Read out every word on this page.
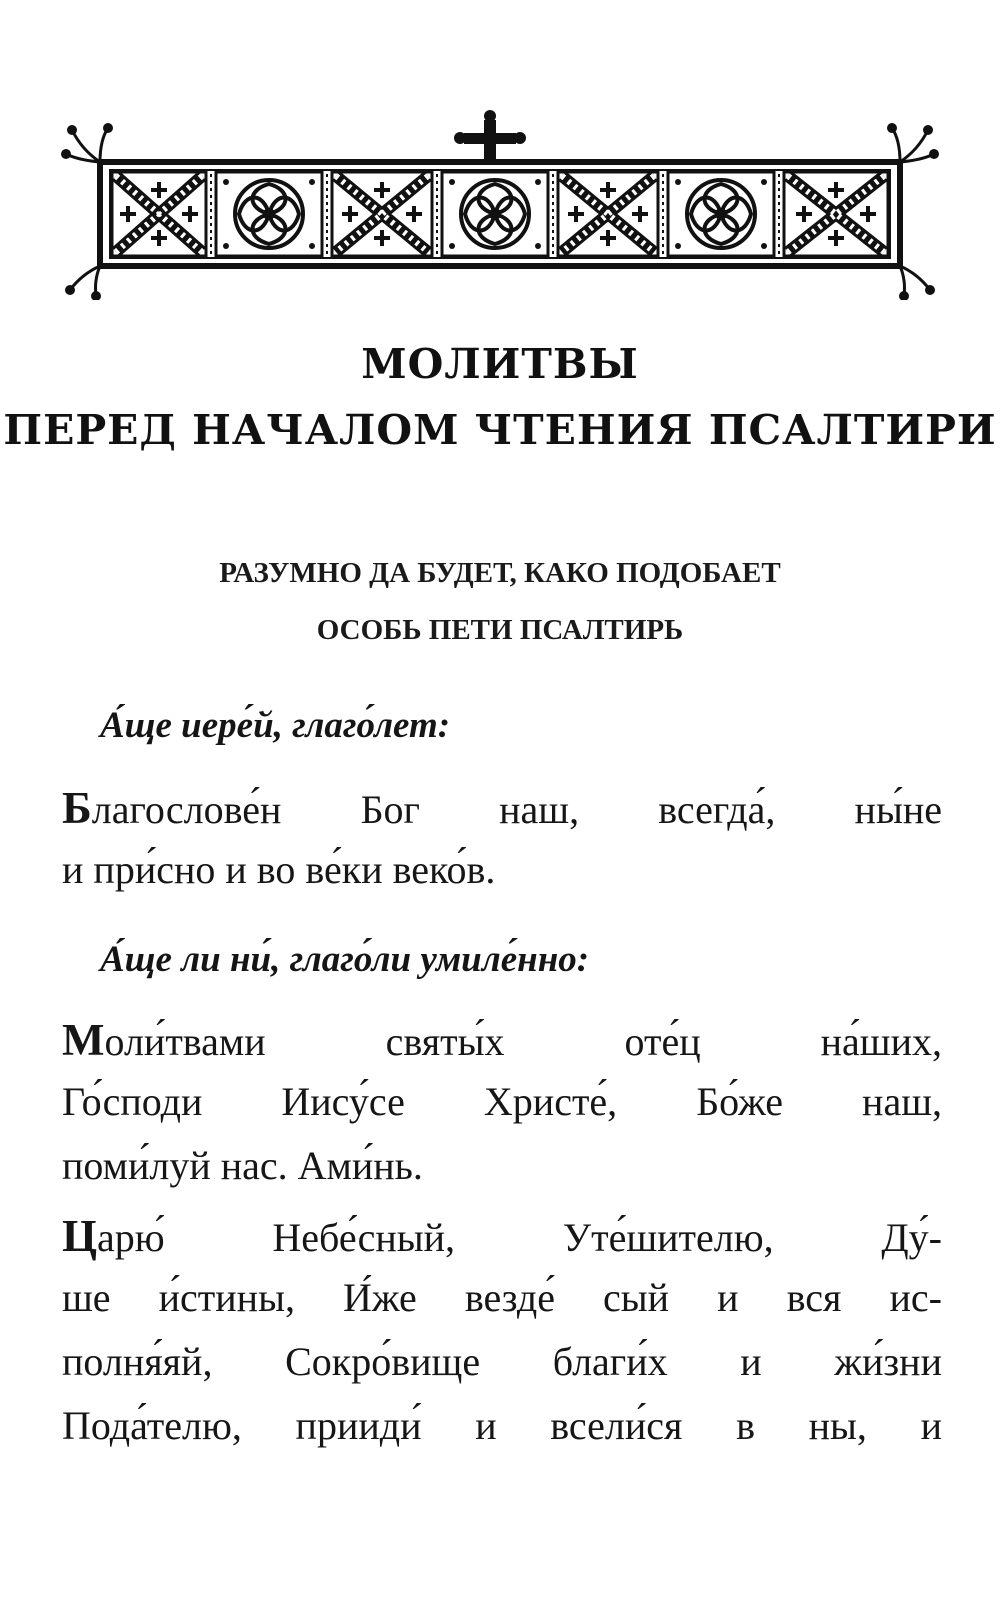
МОЛИТВЫ
ПЕРЕД НАЧАЛОМ ЧТЕНИЯ ПСАЛТИРИ
РАЗУМНО ДА БУДЕТ, КАКО ПОДОБАЕТ
ОСОБЬ ПЕТИ ПСАЛТИРЬ
А́ще иере́й, глаго́лет:
Благослове́н Бог наш, всегда́, ны́не
и при́сно и во ве́ки веко́в.
А́ще ли ни́, глаго́ли умиле́нно:
Моли́твами святы́х оте́ц на́ших,
Го́споди Иису́се Христе́, Бо́же наш,
поми́луй нас. Ами́нь.
Царю́ Небе́сный, Уте́шителю, Ду́-
ше и́стины, И́же везде́ сый и вся ис-
полня́яй, Сокро́вище благи́х и жи́зни
Пода́телю, прииди́ и всели́ся в ны, и
